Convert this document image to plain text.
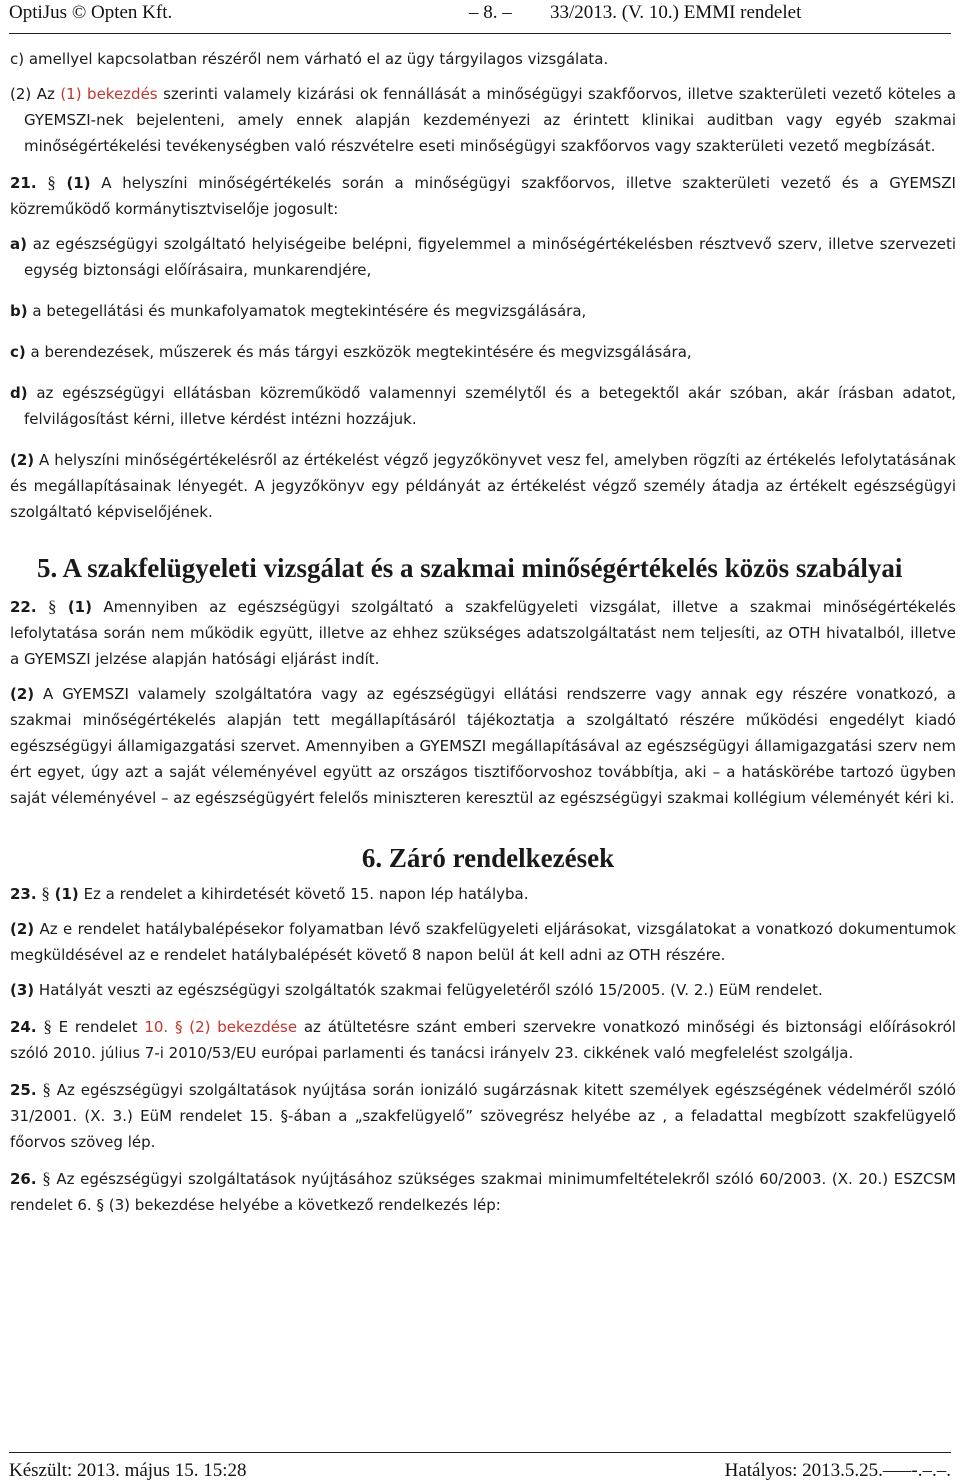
OptiJus © Opten Kft.	– 8. – 33/2013. (V. 10.) EMMI rendelet

c) amellyel kapcsolatban részéről nem várható el az ügy tárgyilagos vizsgálata.

(2) Az (1) bekezdés szerinti valamely kizárási ok fennállását a minőségügyi szakfőorvos, illetve szakterületi vezető köteles a GYEMSZI-nek bejelenteni, amely ennek alapján kezdeményezi az érintett klinikai auditban vagy egyéb szakmai minőségértékelési tevékenységben való részvételre eseti minőségügyi szakfőorvos vagy szakterületi vezető megbízását.

21. § (1) A helyszíni minőségértékelés során a minőségügyi szakfőorvos, illetve szakterületi vezető és a GYEMSZI közreműködő kormánytisztviselője jogosult:

a) az egészségügyi szolgáltató helyiségeibe belépni, figyelemmel a minőségértékelésben résztvevő szerv, illetve szervezeti egység biztonsági előírásaira, munkarendjére,

b) a betegellátási és munkafolyamatok megtekintésére és megvizsgálására,

c) a berendezések, műszerek és más tárgyi eszközök megtekintésére és megvizsgálására,

d) az egészségügyi ellátásban közreműködő valamennyi személytől és a betegektől akár szóban, akár írásban adatot, felvilágosítást kérni, illetve kérdést intézni hozzájuk.

(2) A helyszíni minőségértékelésről az értékelést végző jegyzőkönyvet vesz fel, amelyben rögzíti az értékelés lefolytatásának és megállapításainak lényegét. A jegyzőkönyv egy példányát az értékelést végző személy átadja az értékelt egészségügyi szolgáltató képviselőjének.

5. A szakfelügyeleti vizsgálat és a szakmai minőségértékelés közös szabályai

22. § (1) Amennyiben az egészségügyi szolgáltató a szakfelügyeleti vizsgálat, illetve a szakmai minőségértékelés lefolytatása során nem működik együtt, illetve az ehhez szükséges adatszolgáltatást nem teljesíti, az OTH hivatalból, illetve a GYEMSZI jelzése alapján hatósági eljárást indít.

(2) A GYEMSZI valamely szolgáltatóra vagy az egészségügyi ellátási rendszerre vagy annak egy részére vonatkozó, a szakmai minőségértékelés alapján tett megállapításáról tájékoztatja a szolgáltató részére működési engedélyt kiadó egészségügyi államigazgatási szervet. Amennyiben a GYEMSZI megállapításával az egészségügyi államigazgatási szerv nem ért egyet, úgy azt a saját véleményével együtt az országos tisztifőorvoshoz továbbítja, aki – a hatáskörébe tartozó ügyben saját véleményével – az egészségügyért felelős miniszteren keresztül az egészségügyi szakmai kollégium véleményét kéri ki.

6. Záró rendelkezések

23. § (1) Ez a rendelet a kihirdetését követő 15. napon lép hatályba.

(2) Az e rendelet hatálybalépésekor folyamatban lévő szakfelügyeleti eljárásokat, vizsgálatokat a vonatkozó dokumentumok megküldésével az e rendelet hatálybalépését követő 8 napon belül át kell adni az OTH részére.

(3) Hatályát veszti az egészségügyi szolgáltatók szakmai felügyeletéről szóló 15/2005. (V. 2.) EüM rendelet.

24. § E rendelet 10. § (2) bekezdése az átültetésre szánt emberi szervekre vonatkozó minőségi és biztonsági előírásokról szóló 2010. július 7-i 2010/53/EU európai parlamenti és tanácsi irányelv 23. cikkének való megfelelést szolgálja.

25. § Az egészségügyi szolgáltatások nyújtása során ionizáló sugárzásnak kitett személyek egészségének védelméről szóló 31/2001. (X. 3.) EüM rendelet 15. §-ában a „szakfelügyelő” szövegrész helyébe az , a feladattal megbízott szakfelügyelő főorvos szöveg lép.

26. § Az egészségügyi szolgáltatások nyújtásához szükséges szakmai minimumfeltételekről szóló 60/2003. (X. 20.) ESZCSM rendelet 6. § (3) bekezdése helyébe a következő rendelkezés lép:

Készült: 2013. május 15. 15:28	Hatályos: 2013.5.25.–––-.–.–.
